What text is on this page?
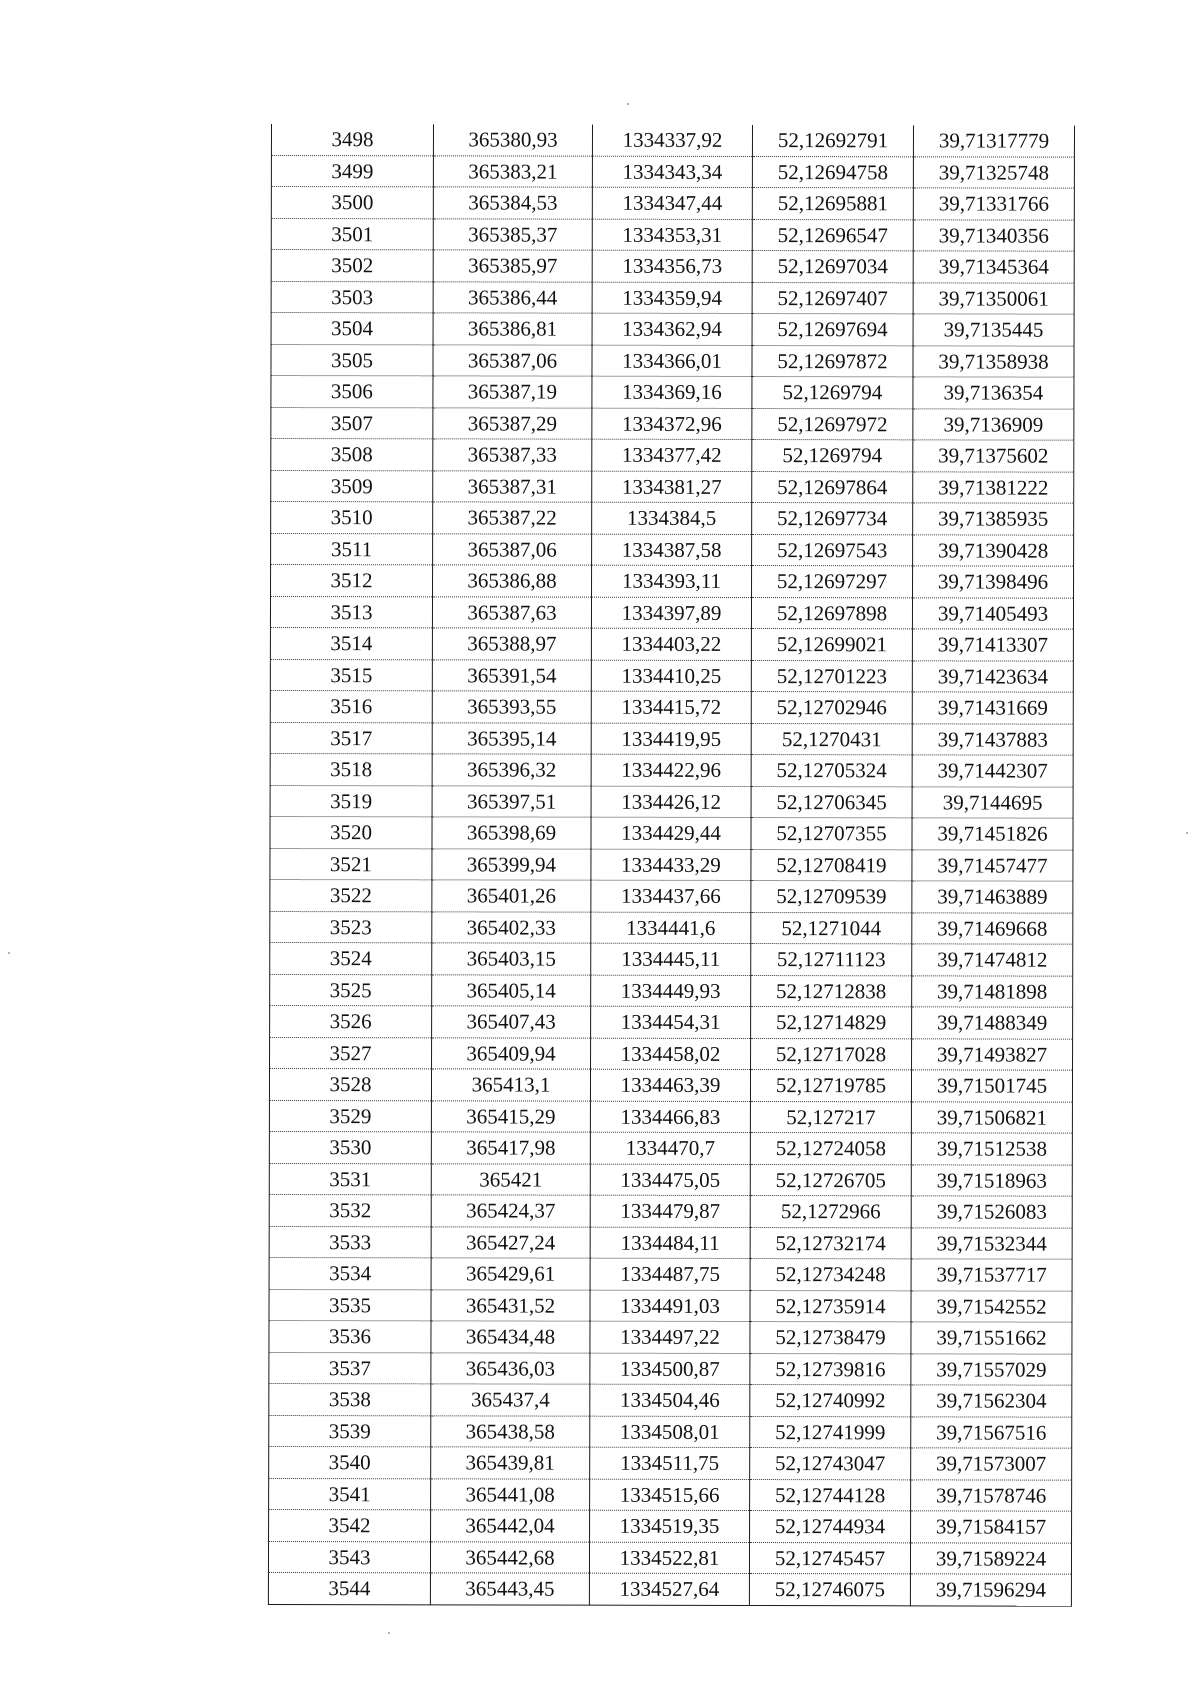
3498	365380,93	1334337,92	52,12692791	39,71317779
3499	365383,21	1334343,34	52,12694758	39,71325748
3500	365384,53	1334347,44	52,12695881	39,71331766
3501	365385,37	1334353,31	52,12696547	39,71340356
3502	365385,97	1334356,73	52,12697034	39,71345364
3503	365386,44	1334359,94	52,12697407	39,71350061
3504	365386,81	1334362,94	52,12697694	39,7135445
3505	365387,06	1334366,01	52,12697872	39,71358938
3506	365387,19	1334369,16	52,1269794	39,7136354
3507	365387,29	1334372,96	52,12697972	39,7136909
3508	365387,33	1334377,42	52,1269794	39,71375602
3509	365387,31	1334381,27	52,12697864	39,71381222
3510	365387,22	1334384,5	52,12697734	39,71385935
3511	365387,06	1334387,58	52,12697543	39,71390428
3512	365386,88	1334393,11	52,12697297	39,71398496
3513	365387,63	1334397,89	52,12697898	39,71405493
3514	365388,97	1334403,22	52,12699021	39,71413307
3515	365391,54	1334410,25	52,12701223	39,71423634
3516	365393,55	1334415,72	52,12702946	39,71431669
3517	365395,14	1334419,95	52,1270431	39,71437883
3518	365396,32	1334422,96	52,12705324	39,71442307
3519	365397,51	1334426,12	52,12706345	39,7144695
3520	365398,69	1334429,44	52,12707355	39,71451826
3521	365399,94	1334433,29	52,12708419	39,71457477
3522	365401,26	1334437,66	52,12709539	39,71463889
3523	365402,33	1334441,6	52,1271044	39,71469668
3524	365403,15	1334445,11	52,12711123	39,71474812
3525	365405,14	1334449,93	52,12712838	39,71481898
3526	365407,43	1334454,31	52,12714829	39,71488349
3527	365409,94	1334458,02	52,12717028	39,71493827
3528	365413,1	1334463,39	52,12719785	39,71501745
3529	365415,29	1334466,83	52,127217	39,71506821
3530	365417,98	1334470,7	52,12724058	39,71512538
3531	365421	1334475,05	52,12726705	39,71518963
3532	365424,37	1334479,87	52,1272966	39,71526083
3533	365427,24	1334484,11	52,12732174	39,71532344
3534	365429,61	1334487,75	52,12734248	39,71537717
3535	365431,52	1334491,03	52,12735914	39,71542552
3536	365434,48	1334497,22	52,12738479	39,71551662
3537	365436,03	1334500,87	52,12739816	39,71557029
3538	365437,4	1334504,46	52,12740992	39,71562304
3539	365438,58	1334508,01	52,12741999	39,71567516
3540	365439,81	1334511,75	52,12743047	39,71573007
3541	365441,08	1334515,66	52,12744128	39,71578746
3542	365442,04	1334519,35	52,12744934	39,71584157
3543	365442,68	1334522,81	52,12745457	39,71589224
3544	365443,45	1334527,64	52,12746075	39,71596294
